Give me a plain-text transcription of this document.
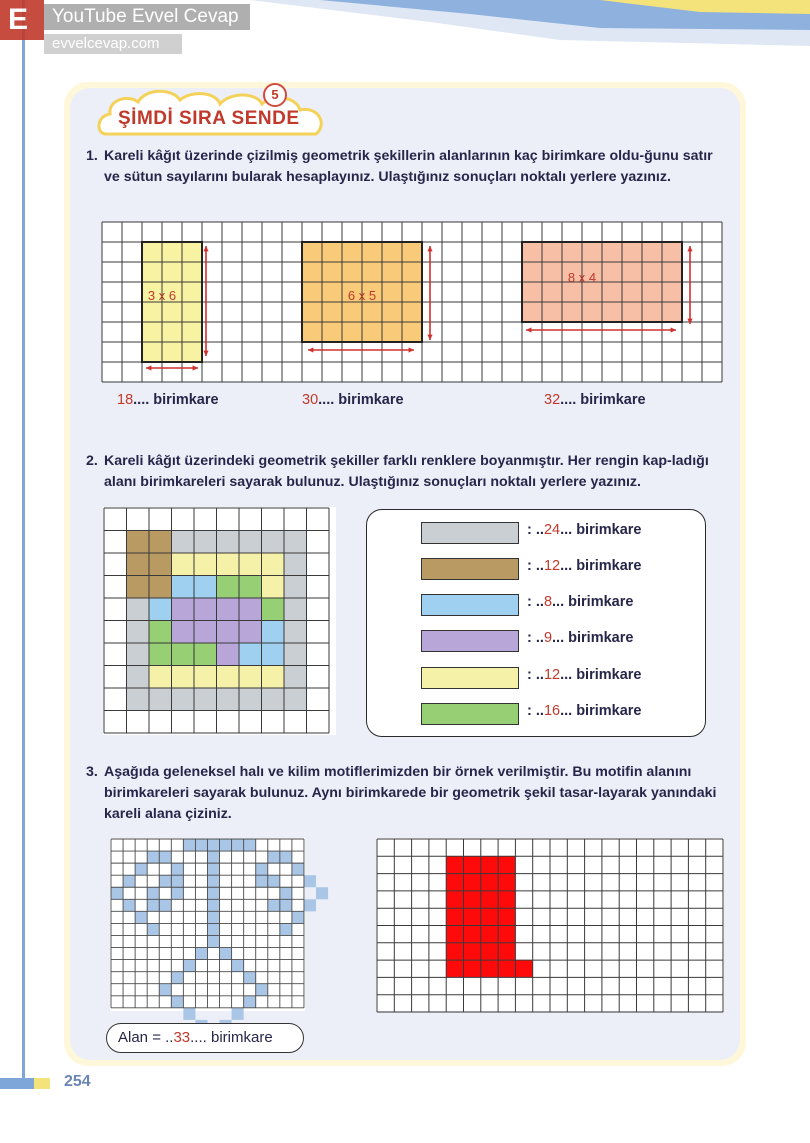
E	YouTube Evvel Cevap
evvelcevap.com
5
ŞİMDİ SIRA SENDE
1. Kareli kâğıt üzerinde çizilmiş geometrik şekillerin alanlarının kaç birimkare oldu-ğunu satır ve sütun sayılarını bularak hesaplayınız. Ulaştığınız sonuçları noktalı yerlere yazınız.
3 x 6	6 x 5
8 x 4
18.... birimkare	30.... birimkare	32.... birimkare
2. Kareli kâğıt üzerindeki geometrik şekiller farklı renklere boyanmıştır. Her rengin kap-ladığı alanı birimkareleri sayarak bulunuz. Ulaştığınız sonuçları noktalı yerlere yazınız.
: ..24... birimkare
: ..12... birimkare
: ..8... birimkare
: ..9... birimkare
: ..12... birimkare
: ..16... birimkare
3. Aşağıda geleneksel halı ve kilim motiflerimizden bir örnek verilmiştir. Bu motifin alanını birimkareleri sayarak bulunuz. Aynı birimkarede bir geometrik şekil tasar-layarak yanındaki kareli alana çiziniz.
Alan = ..33.... birimkare
254
